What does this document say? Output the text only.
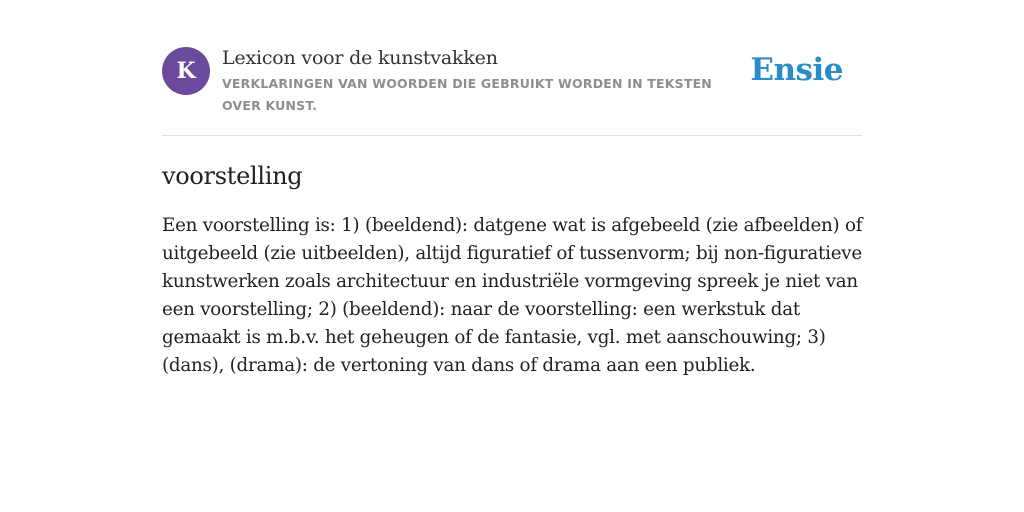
K	Lexicon voor de kunstvakken
VERKLARINGEN VAN WOORDEN DIE GEBRUIKT WORDEN IN TEKSTEN OVER KUNST.
Ensie
voorstelling
Een voorstelling is: 1) (beeldend): datgene wat is afgebeeld (zie afbeelden) of uitgebeeld (zie uitbeelden), altijd figuratief of tussenvorm; bij non-figuratieve kunstwerken zoals architectuur en industriële vormgeving spreek je niet van een voorstelling; 2) (beeldend): naar de voorstelling: een werkstuk dat gemaakt is m.b.v. het geheugen of de fantasie, vgl. met aanschouwing; 3) (dans), (drama): de vertoning van dans of drama aan een publiek.
